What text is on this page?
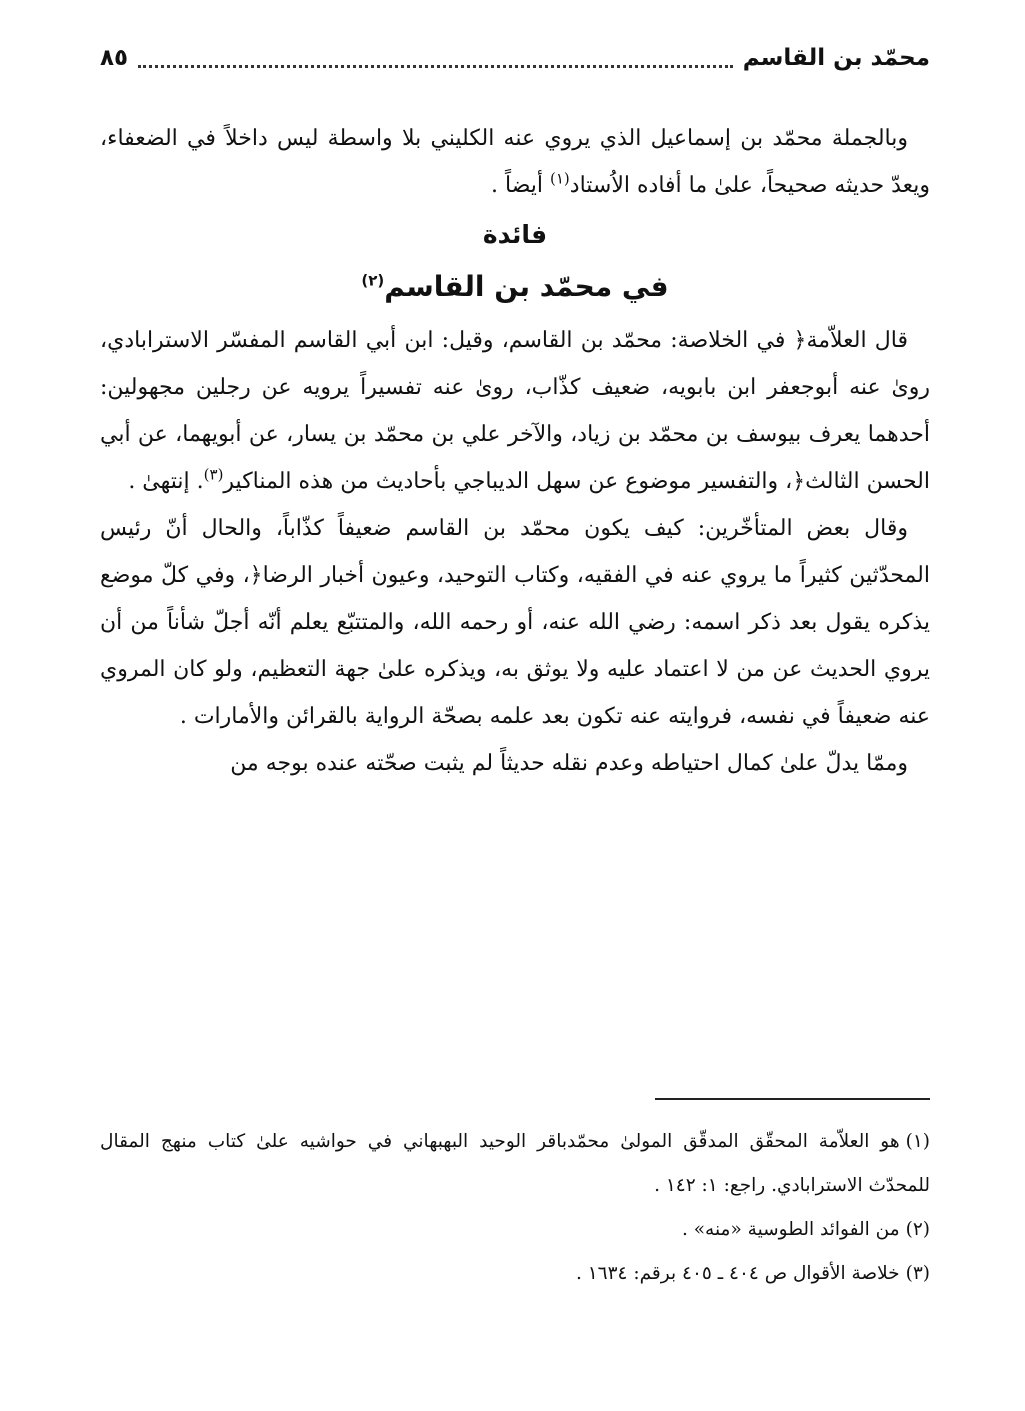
محمّد بن القاسم
٨٥

وبالجملة محمّد بن إسماعيل الذي يروي عنه الكليني بلا واسطة ليس داخلاً في الضعفاء، ويعدّ حديثه صحيحاً، علىٰ ما أفاده الاُستاد$^{(١)}$ أيضاً .

فائدة
في محمّد بن القاسم$^{(٢)}$

قال العلاّمة﴿ في الخلاصة: محمّد بن القاسم، وقيل: ابن أبي القاسم المفسّر الاسترابادي، روىٰ عنه أبوجعفر ابن بابويه، ضعيف كذّاب، روىٰ عنه تفسيراً يرويه عن رجلين مجهولين: أحدهما يعرف بيوسف بن محمّد بن زياد، والآخر علي بن محمّد بن يسار، عن أبويهما، عن أبي الحسن الثالث﴿، والتفسير موضوع عن سهل الديباجي بأحاديث من هذه المناكير$^{(٣)}$. إنتهىٰ .

وقال بعض المتأخّرين: كيف يكون محمّد بن القاسم ضعيفاً كذّاباً، والحال أنّ رئيس المحدّثين كثيراً ما يروي عنه في الفقيه، وكتاب التوحيد، وعيون أخبار الرضا﴿، وفي كلّ موضع يذكره يقول بعد ذكر اسمه: رضي الله عنه، أو رحمه الله، والمتتبّع يعلم أنّه أجلّ شأناً من أن يروي الحديث عن من لا اعتماد عليه ولا يوثق به، ويذكره علىٰ جهة التعظيم، ولو كان المروي عنه ضعيفاً في نفسه، فروايته عنه تكون بعد علمه بصحّة الرواية بالقرائن والأمارات .

وممّا يدلّ علىٰ كمال احتياطه وعدم نقله حديثاً لم يثبت صحّته عنده بوجه من

(١)هو العلاّمة المحقّق المدقّق المولىٰ محمّدباقر الوحيد البهبهاني في حواشيه علىٰ كتاب منهج المقال للمحدّث الاسترابادي. راجع: ١: ١٤٢ .

(٢)من الفوائد الطوسية «منه» .

(٣)خلاصة الأقوال ص ٤٠٤ ـ ٤٠٥ برقم: ١٦٣٤ .
